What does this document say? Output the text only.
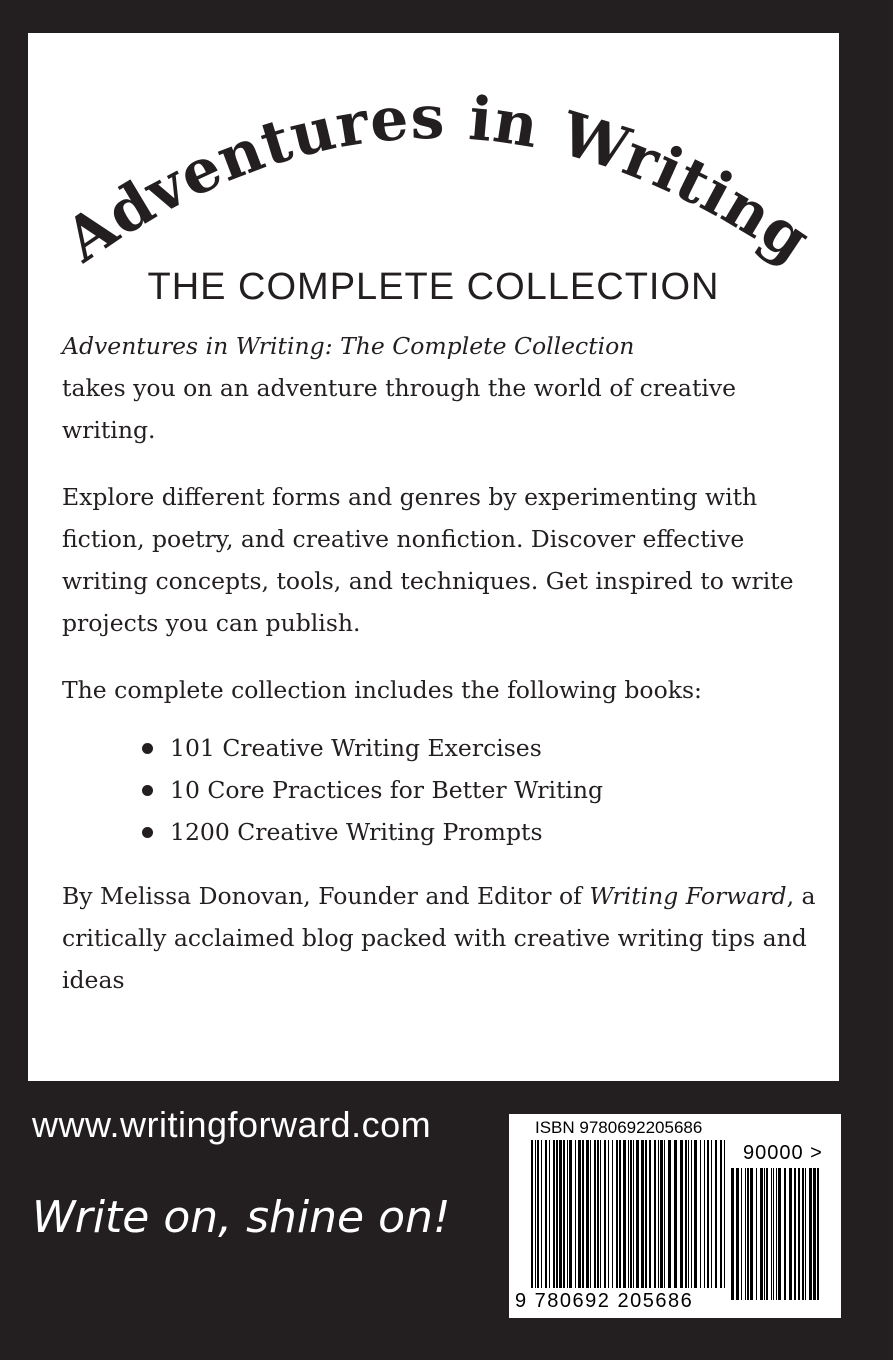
Adventures in Writing
THE COMPLETE COLLECTION

Adventures in Writing: The Complete Collection
takes you on an adventure through the world of creative writing.

Explore different forms and genres by experimenting with fiction, poetry, and creative nonfiction. Discover effective writing concepts, tools, and techniques. Get inspired to write projects you can publish.

The complete collection includes the following books:

101 Creative Writing Exercises
10 Core Practices for Better Writing
1200 Creative Writing Prompts

By Melissa Donovan, Founder and Editor of Writing Forward, a critically acclaimed blog packed with creative writing tips and ideas

www.writingforward.com
Write on, shine on!
ISBN 9780692205686
90000 >
9 780692 205686
